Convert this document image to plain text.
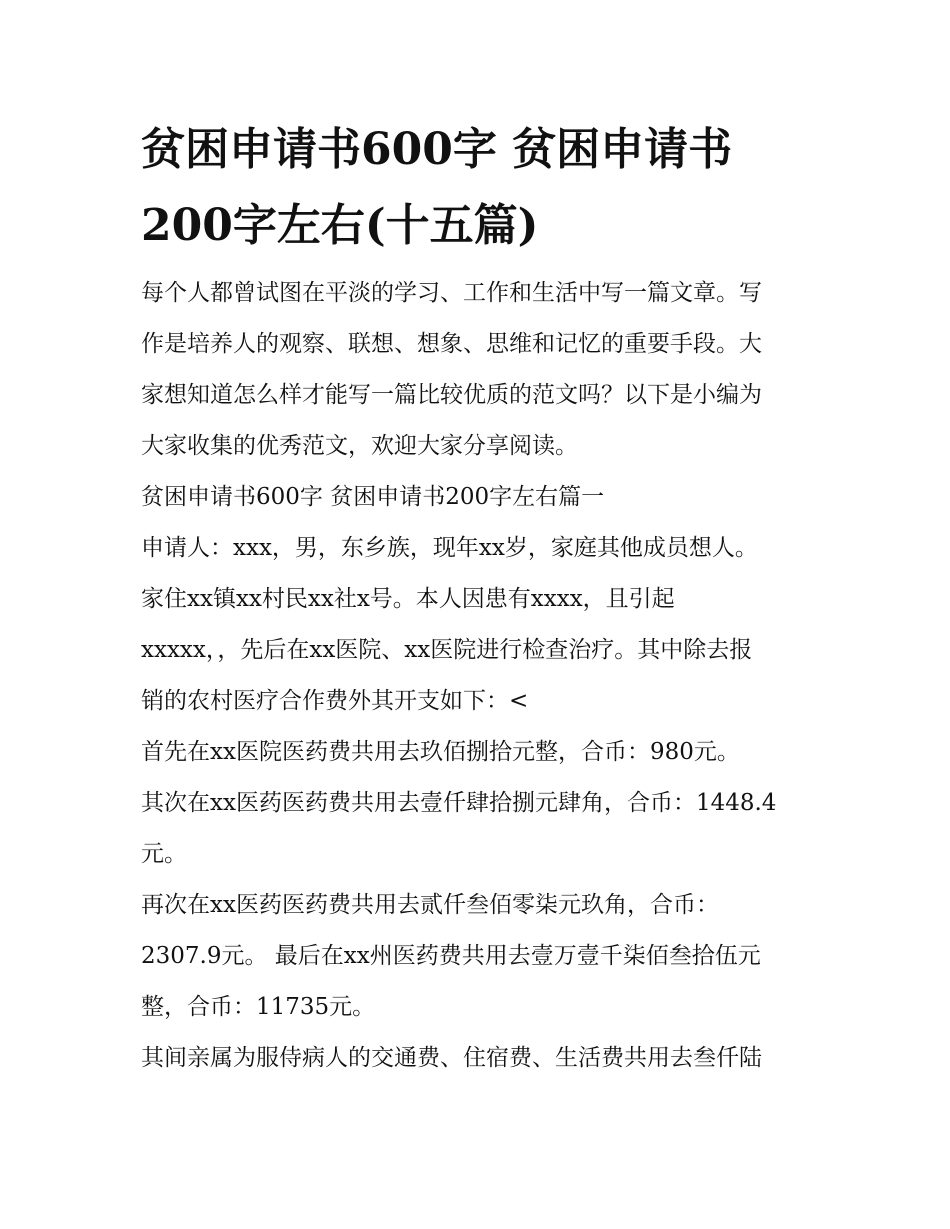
贫困申请书600字 贫困申请书
200字左右(十五篇)

每个人都曾试图在平淡的学习、工作和生活中写一篇文章。写
作是培养人的观察、联想、想象、思维和记忆的重要手段。大
家想知道怎么样才能写一篇比较优质的范文吗？以下是小编为
大家收集的优秀范文，欢迎大家分享阅读。

贫困申请书600字 贫困申请书200字左右篇一

申请人：xxx，男，东乡族，现年xx岁，家庭其他成员想人。
家住xx镇xx村民xx社x号。本人因患有xxxx，且引起
xxxxx，，先后在xx医院、xx医院进行检查治疗。其中除去报
销的农村医疗合作费外其开支如下：<

首先在xx医院医药费共用去玖佰捌拾元整，合币：980元。

其次在xx医药医药费共用去壹仟肆拾捌元肆角，合币：1448.4
元。

再次在xx医药医药费共用去贰仟叁佰零柒元玖角，合币：
2307.9元。 最后在xx州医药费共用去壹万壹千柒佰叁拾伍元
整，合币：11735元。

其间亲属为服侍病人的交通费、住宿费、生活费共用去叁仟陆
